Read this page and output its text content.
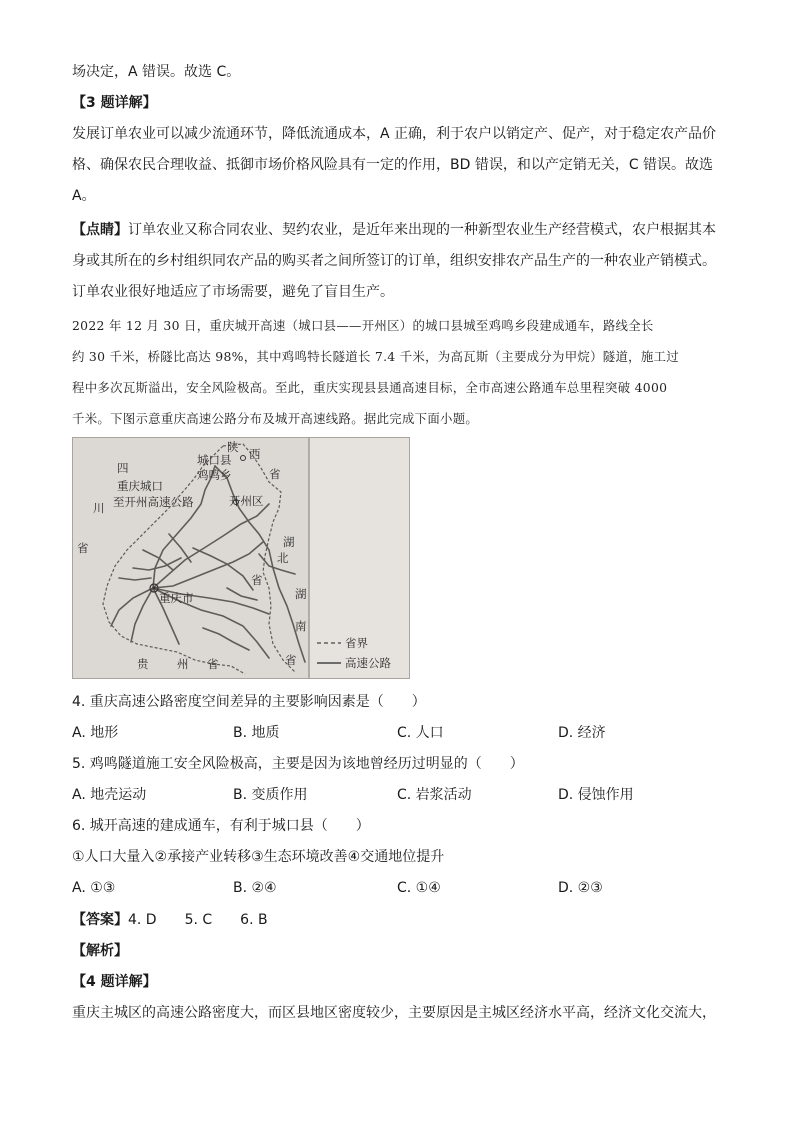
场决定，A 错误。故选 C。
【3 题详解】
发展订单农业可以减少流通环节，降低流通成本，A 正确，利于农户以销定产、促产，对于稳定农产品价
格、确保农民合理收益、抵御市场价格风险具有一定的作用，BD 错误，和以产定销无关，C 错误。故选
A。
【点睛】订单农业又称合同农业、契约农业，是近年来出现的一种新型农业生产经营模式，农户根据其本
身或其所在的乡村组织同农产品的购买者之间所签订的订单，组织安排农产品生产的一种农业产销模式。
订单农业很好地适应了市场需要，避免了盲目生产。
2022 年 12 月 30 日，重庆城开高速（城口县——开州区）的城口县城至鸡鸣乡段建成通车，路线全长
约 30 千米，桥隧比高达 98%，其中鸡鸣特长隧道长 7.4 千米，为高瓦斯（主要成分为甲烷）隧道，施工过
程中多次瓦斯溢出，安全风险极高。至此，重庆实现县县通高速目标，全市高速公路通车总里程突破 4000
千米。下图示意重庆高速公路分布及城开高速线路。据此完成下面小题。
四
川
省
陕 西
省
城口县
鸡鸣乡
重庆城口
至开州高速公路	开州区
湖
北
省
湖
南
省
重庆市
贵 州 省
省界
高速公路
4. 重庆高速公路密度空间差异的主要影响因素是（　　）
A. 地形	B. 地质	C. 人口	D. 经济
5. 鸡鸣隧道施工安全风险极高，主要是因为该地曾经历过明显的（　　）
A. 地壳运动	B. 变质作用	C. 岩浆活动	D. 侵蚀作用
6. 城开高速的建成通车，有利于城口县（　　）
①人口大量入②承接产业转移③生态环境改善④交通地位提升
A. ①③	B. ②④	C. ①④	D. ②③
【答案】4. D　　5. C　　6. B
【解析】
【4 题详解】
重庆主城区的高速公路密度大，而区县地区密度较少，主要原因是主城区经济水平高，经济文化交流大，
